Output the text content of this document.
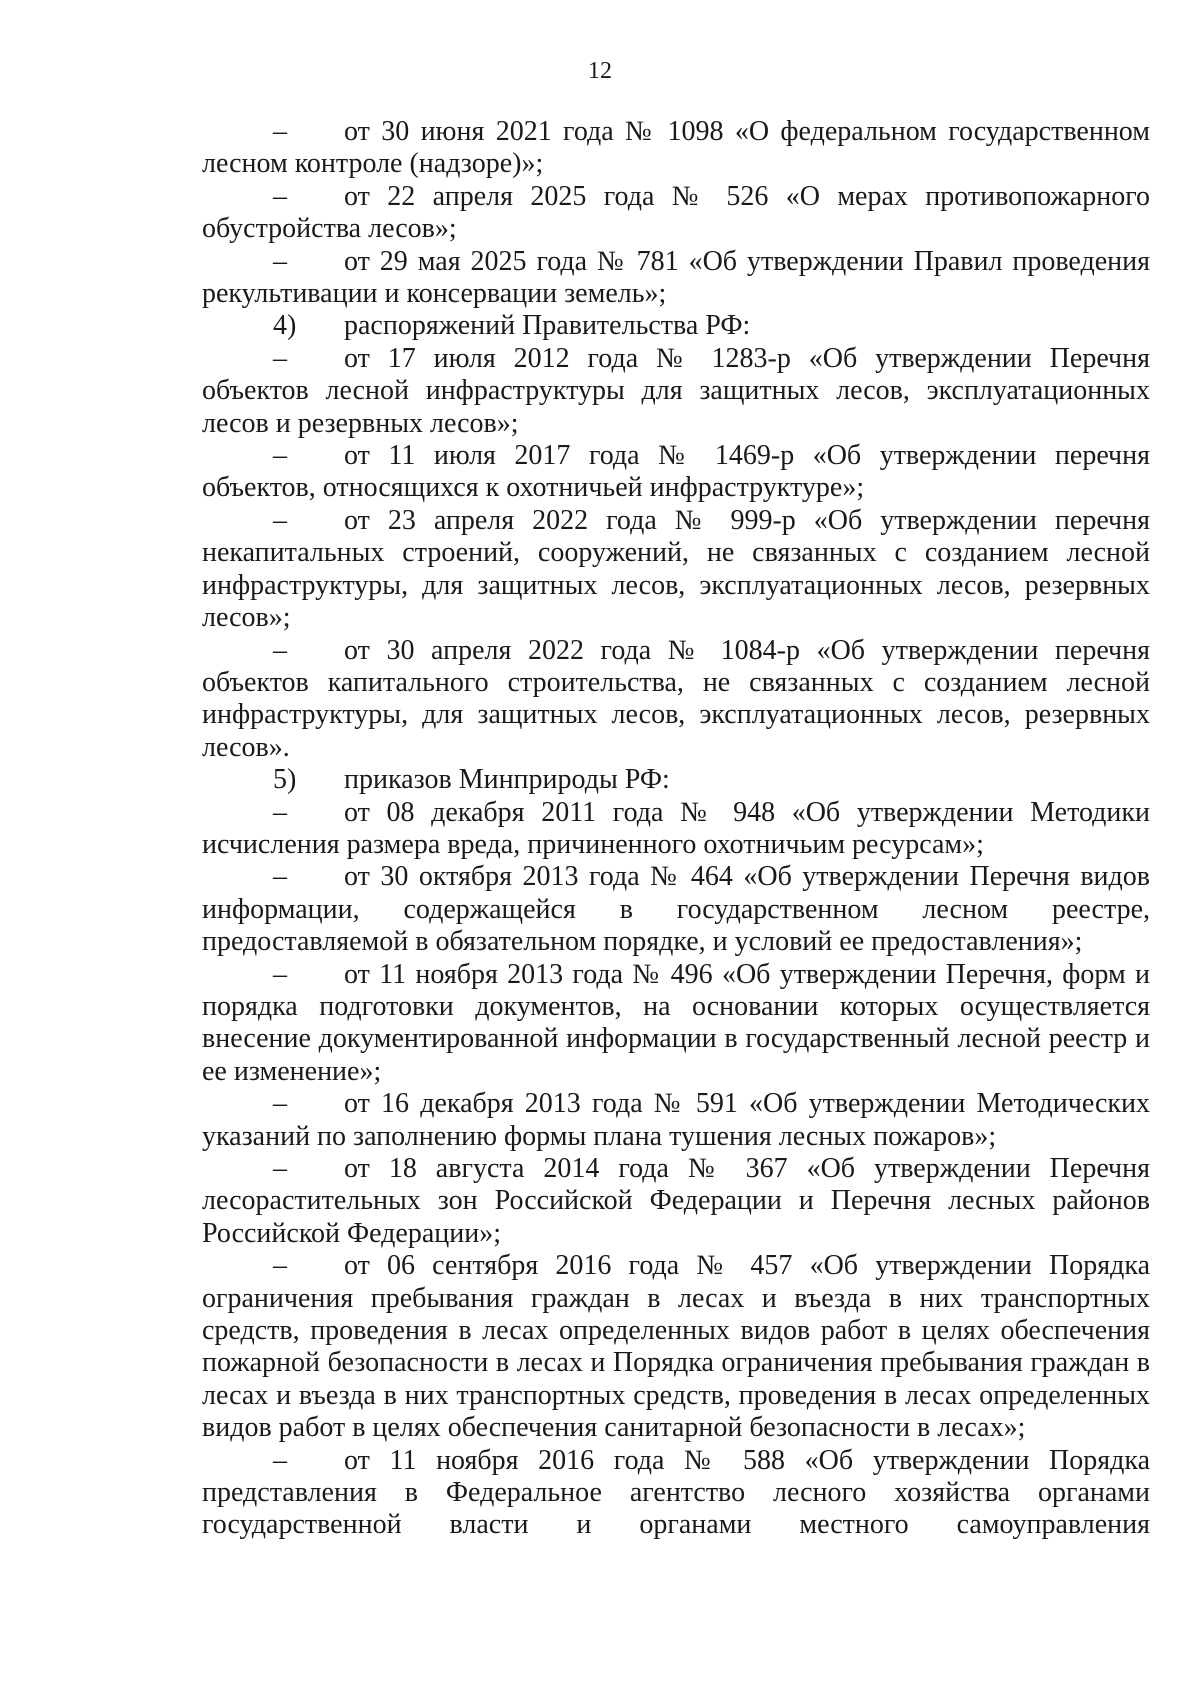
12

– от 30 июня 2021 года № 1098 «О федеральном государственном лесном контроле (надзоре)»;

– от 22 апреля 2025 года № 526 «О мерах противопожарного обустройства лесов»;

– от 29 мая 2025 года № 781 «Об утверждении Правил проведения рекультивации и консервации земель»;

4) распоряжений Правительства РФ:

– от 17 июля 2012 года № 1283-р «Об утверждении Перечня объектов лесной инфраструктуры для защитных лесов, эксплуатационных лесов и резервных лесов»;

– от 11 июля 2017 года № 1469-р «Об утверждении перечня объектов, относящихся к охотничьей инфраструктуре»;

– от 23 апреля 2022 года № 999-р «Об утверждении перечня некапитальных строений, сооружений, не связанных с созданием лесной инфраструктуры, для защитных лесов, эксплуатационных лесов, резервных лесов»;

– от 30 апреля 2022 года № 1084-р «Об утверждении перечня объектов капитального строительства, не связанных с созданием лесной инфраструктуры, для защитных лесов, эксплуатационных лесов, резервных лесов».

5) приказов Минприроды РФ:

– от 08 декабря 2011 года № 948 «Об утверждении Методики исчисления размера вреда, причиненного охотничьим ресурсам»;

– от 30 октября 2013 года № 464 «Об утверждении Перечня видов информации, содержащейся в государственном лесном реестре, предоставляемой в обязательном порядке, и условий ее предоставления»;

– от 11 ноября 2013 года № 496 «Об утверждении Перечня, форм и порядка подготовки документов, на основании которых осуществляется внесение документированной информации в государственный лесной реестр и ее изменение»;

– от 16 декабря 2013 года № 591 «Об утверждении Методических указаний по заполнению формы плана тушения лесных пожаров»;

– от 18 августа 2014 года № 367 «Об утверждении Перечня лесорастительных зон Российской Федерации и Перечня лесных районов Российской Федерации»;

– от 06 сентября 2016 года № 457 «Об утверждении Порядка ограничения пребывания граждан в лесах и въезда в них транспортных средств, проведения в лесах определенных видов работ в целях обеспечения пожарной безопасности в лесах и Порядка ограничения пребывания граждан в лесах и въезда в них транспортных средств, проведения в лесах определенных видов работ в целях обеспечения санитарной безопасности в лесах»;

– от 11 ноября 2016 года № 588 «Об утверждении Порядка представления в Федеральное агентство лесного хозяйства органами государственной власти и органами местного самоуправления
